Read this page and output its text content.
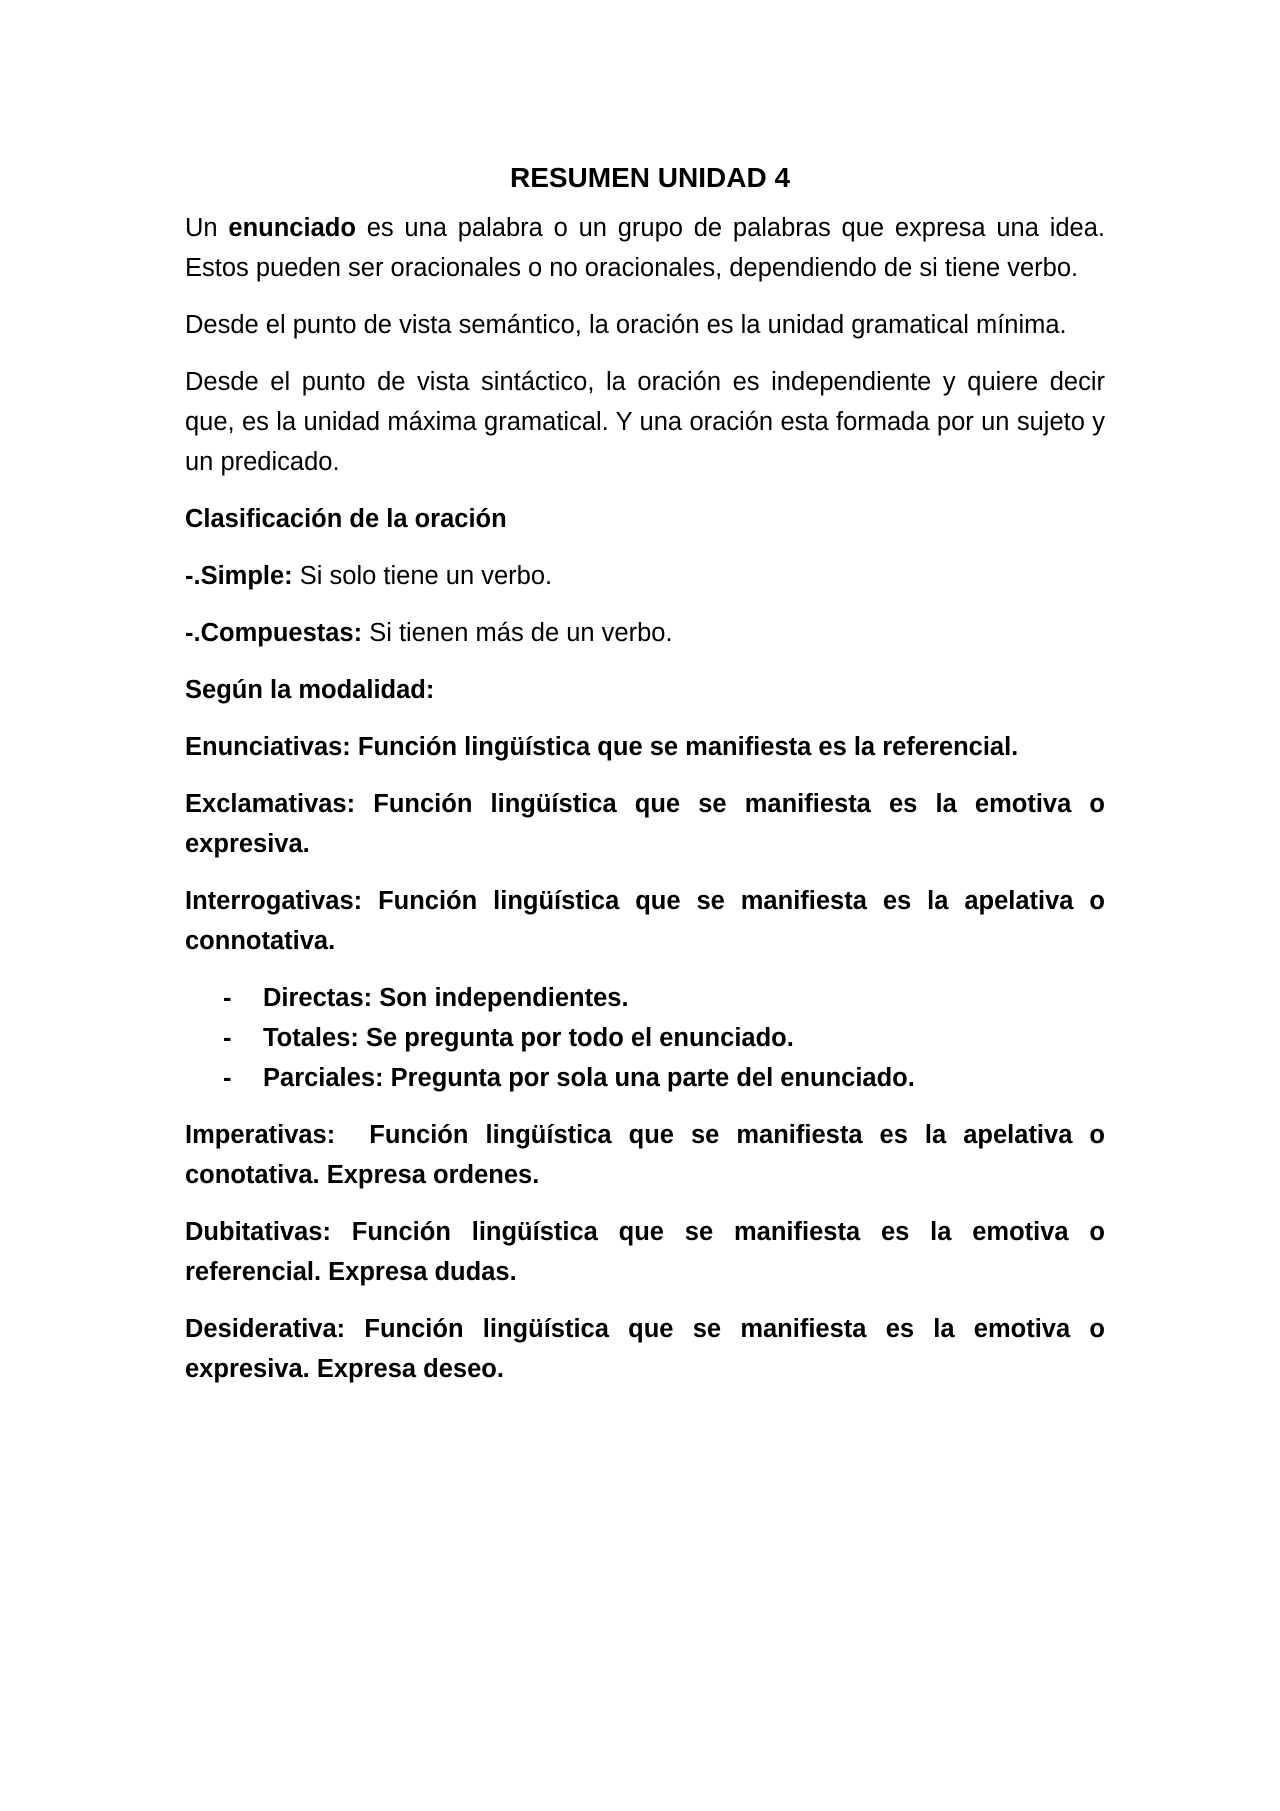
RESUMEN UNIDAD 4

Un enunciado es una palabra o un grupo de palabras que expresa una idea. Estos pueden ser oracionales o no oracionales, dependiendo de si tiene verbo.

Desde el punto de vista semántico, la oración es la unidad gramatical mínima.

Desde el punto de vista sintáctico, la oración es independiente y quiere decir que, es la unidad máxima gramatical. Y una oración esta formada por un sujeto y un predicado.

Clasificación de la oración

-.Simple: Si solo tiene un verbo.

-.Compuestas: Si tienen más de un verbo.

Según la modalidad:

Enunciativas: Función lingüística que se manifiesta es la referencial.

Exclamativas: Función lingüística que se manifiesta es la emotiva o expresiva.

Interrogativas: Función lingüística que se manifiesta es la apelativa o connotativa.

- Directas: Son independientes.
- Totales: Se pregunta por todo el enunciado.
- Parciales: Pregunta por sola una parte del enunciado.

Imperativas:  Función lingüística que se manifiesta es la apelativa o conotativa. Expresa ordenes.

Dubitativas: Función lingüística que se manifiesta es la emotiva o referencial. Expresa dudas.

Desiderativa: Función lingüística que se manifiesta es la emotiva o expresiva. Expresa deseo.
